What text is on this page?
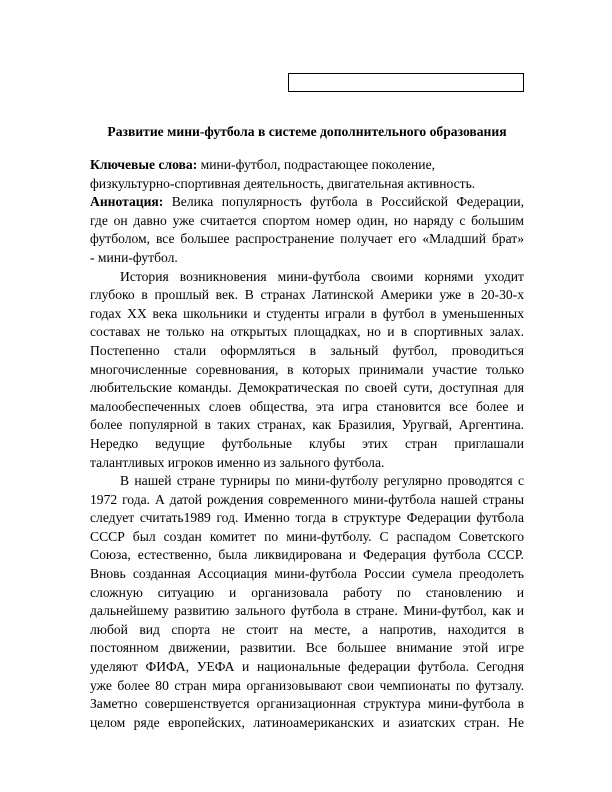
Развитие мини-футбола в системе дополнительного образования
Ключевые слова: мини-футбол, подрастающее поколение,
физкультурно-спортивная деятельность, двигательная активность.
Аннотация: Велика популярность футбола в Российской Федерации,
где он давно уже считается спортом номер один, но наряду с большим
футболом, все большее распространение получает его «Младший брат»
- мини-футбол.
История возникновения мини-футбола своими корнями уходит
глубоко в прошлый век. В странах Латинской Америки уже в 20-30-х
годах XX века школьники и студенты играли в футбол в уменьшенных
составах не только на открытых площадках, но и в спортивных залах.
Постепенно стали оформляться в зальный футбол, проводиться
многочисленные соревнования, в которых принимали участие только
любительские команды. Демократическая по своей сути, доступная для
малообеспеченных слоев общества, эта игра становится все более и
более популярной в таких странах, как Бразилия, Уругвай, Аргентина.
Нередко ведущие футбольные клубы этих стран приглашали
талантливых игроков именно из зального футбола.
В нашей стране турниры по мини-футболу регулярно проводятся с
1972 года. А датой рождения современного мини-футбола нашей страны
следует считать1989 год. Именно тогда в структуре Федерации футбола
СССР был создан комитет по мини-футболу. С распадом Советского
Союза, естественно, была ликвидирована и Федерация футбола СССР.
Вновь созданная Ассоциация мини-футбола России сумела преодолеть
сложную ситуацию и организовала работу по становлению и
дальнейшему развитию зального футбола в стране. Мини-футбол, как и
любой вид спорта не стоит на месте, а напротив, находится в
постоянном движении, развитии. Все большее внимание этой игре
уделяют ФИФА, УЕФА и национальные федерации футбола. Сегодня
уже более 80 стран мира организовывают свои чемпионаты по футзалу.
Заметно совершенствуется организационная структура мини-футбола в
целом ряде европейских, латиноамериканских и азиатских стран. Не
